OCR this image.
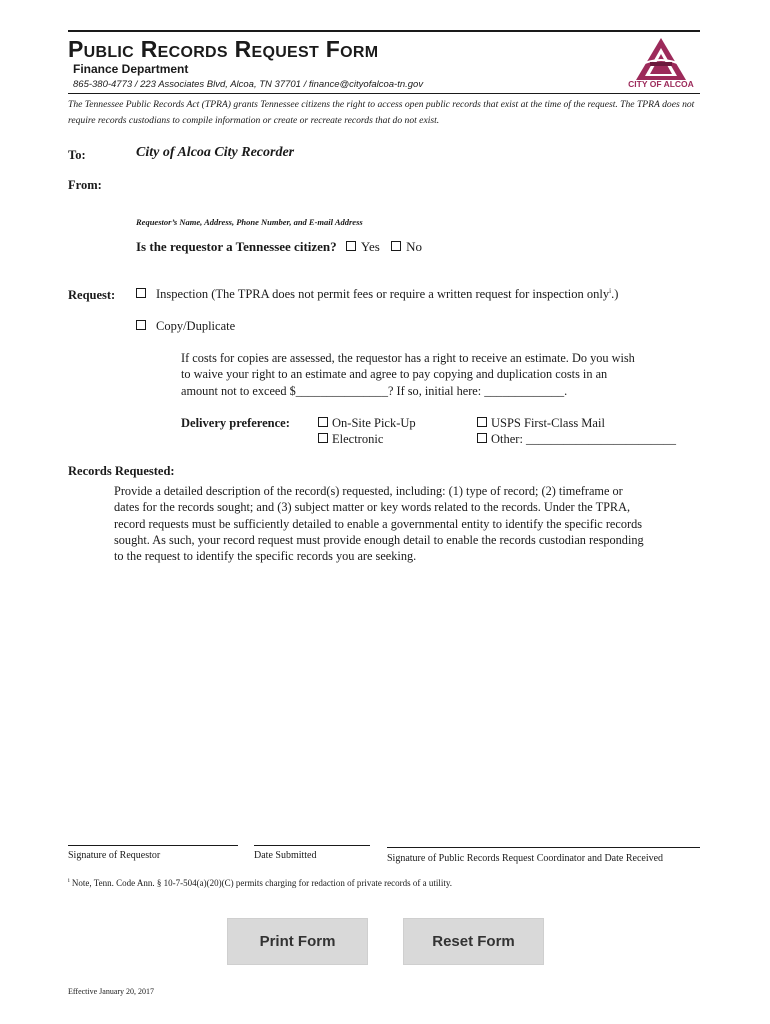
Public Records Request Form
Finance Department
865-380-4773 / 223 Associates Blvd, Alcoa, TN 37701 / finance@cityofalcoa-tn.gov	CITY OF ALCOA
The Tennessee Public Records Act (TPRA) grants Tennessee citizens the right to access open public records that exist at the time of the request. The TPRA does not require records custodians to compile information or create or recreate records that do not exist.
To:	City of Alcoa City Recorder
From:
Requestor’s Name, Address, Phone Number, and E-mail Address
Is the requestor a Tennessee citizen? Yes No
Request:	Inspection (The TPRA does not permit fees or require a written request for inspection only$^i$.)
Copy/Duplicate
If costs for copies are assessed, the requestor has a right to receive an estimate. Do you wish
to waive your right to an estimate and agree to pay copying and duplication costs in an
amount not to exceed $_______________? If so, initial here: _____________.
Delivery preference:	On-Site Pick-Up	USPS First-Class Mail
Electronic	Other: ________________________
Records Requested:
Provide a detailed description of the record(s) requested, including: (1) type of record; (2) timeframe or
dates for the records sought; and (3) subject matter or key words related to the records. Under the TPRA,
record requests must be sufficiently detailed to enable a governmental entity to identify the specific records
sought. As such, your record request must provide enough detail to enable the records custodian responding
to the request to identify the specific records you are seeking.
Signature of Requestor	Date Submitted	Signature of Public Records Request Coordinator and Date Received
$^i$ Note, Tenn. Code Ann. § 10-7-504(a)(20)(C) permits charging for redaction of private records of a utility.
Print Form	Reset Form
Effective January 20, 2017
